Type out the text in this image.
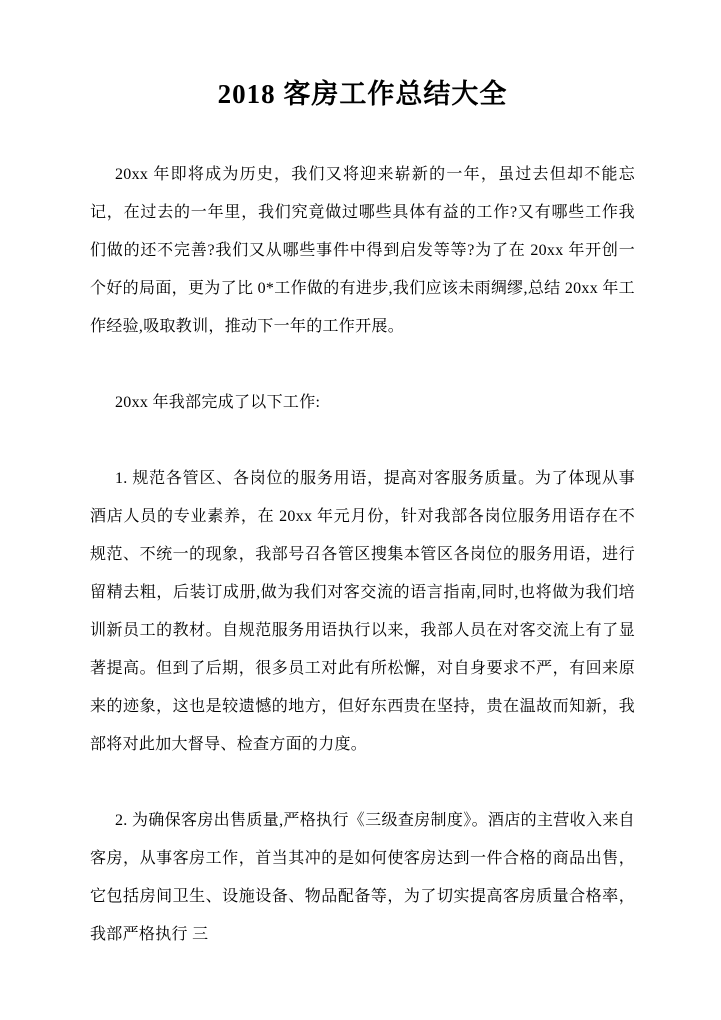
2018 客房工作总结大全

20xx 年即将成为历史，我们又将迎来崭新的一年，虽过去但却不能忘记，在过去的一年里，我们究竟做过哪些具体有益的工作?又有哪些工作我们做的还不完善?我们又从哪些事件中得到启发等等?为了在 20xx 年开创一个好的局面，更为了比 0*工作做的有进步,我们应该未雨绸缪,总结 20xx 年工作经验,吸取教训，推动下一年的工作开展。

20xx 年我部完成了以下工作:

1. 规范各管区、各岗位的服务用语，提高对客服务质量。为了体现从事酒店人员的专业素养，在 20xx 年元月份，针对我部各岗位服务用语存在不规范、不统一的现象，我部号召各管区搜集本管区各岗位的服务用语，进行留精去粗，后装订成册,做为我们对客交流的语言指南,同时,也将做为我们培训新员工的教材。自规范服务用语执行以来，我部人员在对客交流上有了显著提高。但到了后期，很多员工对此有所松懈，对自身要求不严，有回来原来的迹象，这也是较遗憾的地方，但好东西贵在坚持，贵在温故而知新，我部将对此加大督导、检查方面的力度。

2. 为确保客房出售质量,严格执行《三级查房制度》。酒店的主营收入来自客房，从事客房工作，首当其冲的是如何使客房达到一件合格的商品出售，它包括房间卫生、设施设备、物品配备等，为了切实提高客房质量合格率，我部严格执行 三
